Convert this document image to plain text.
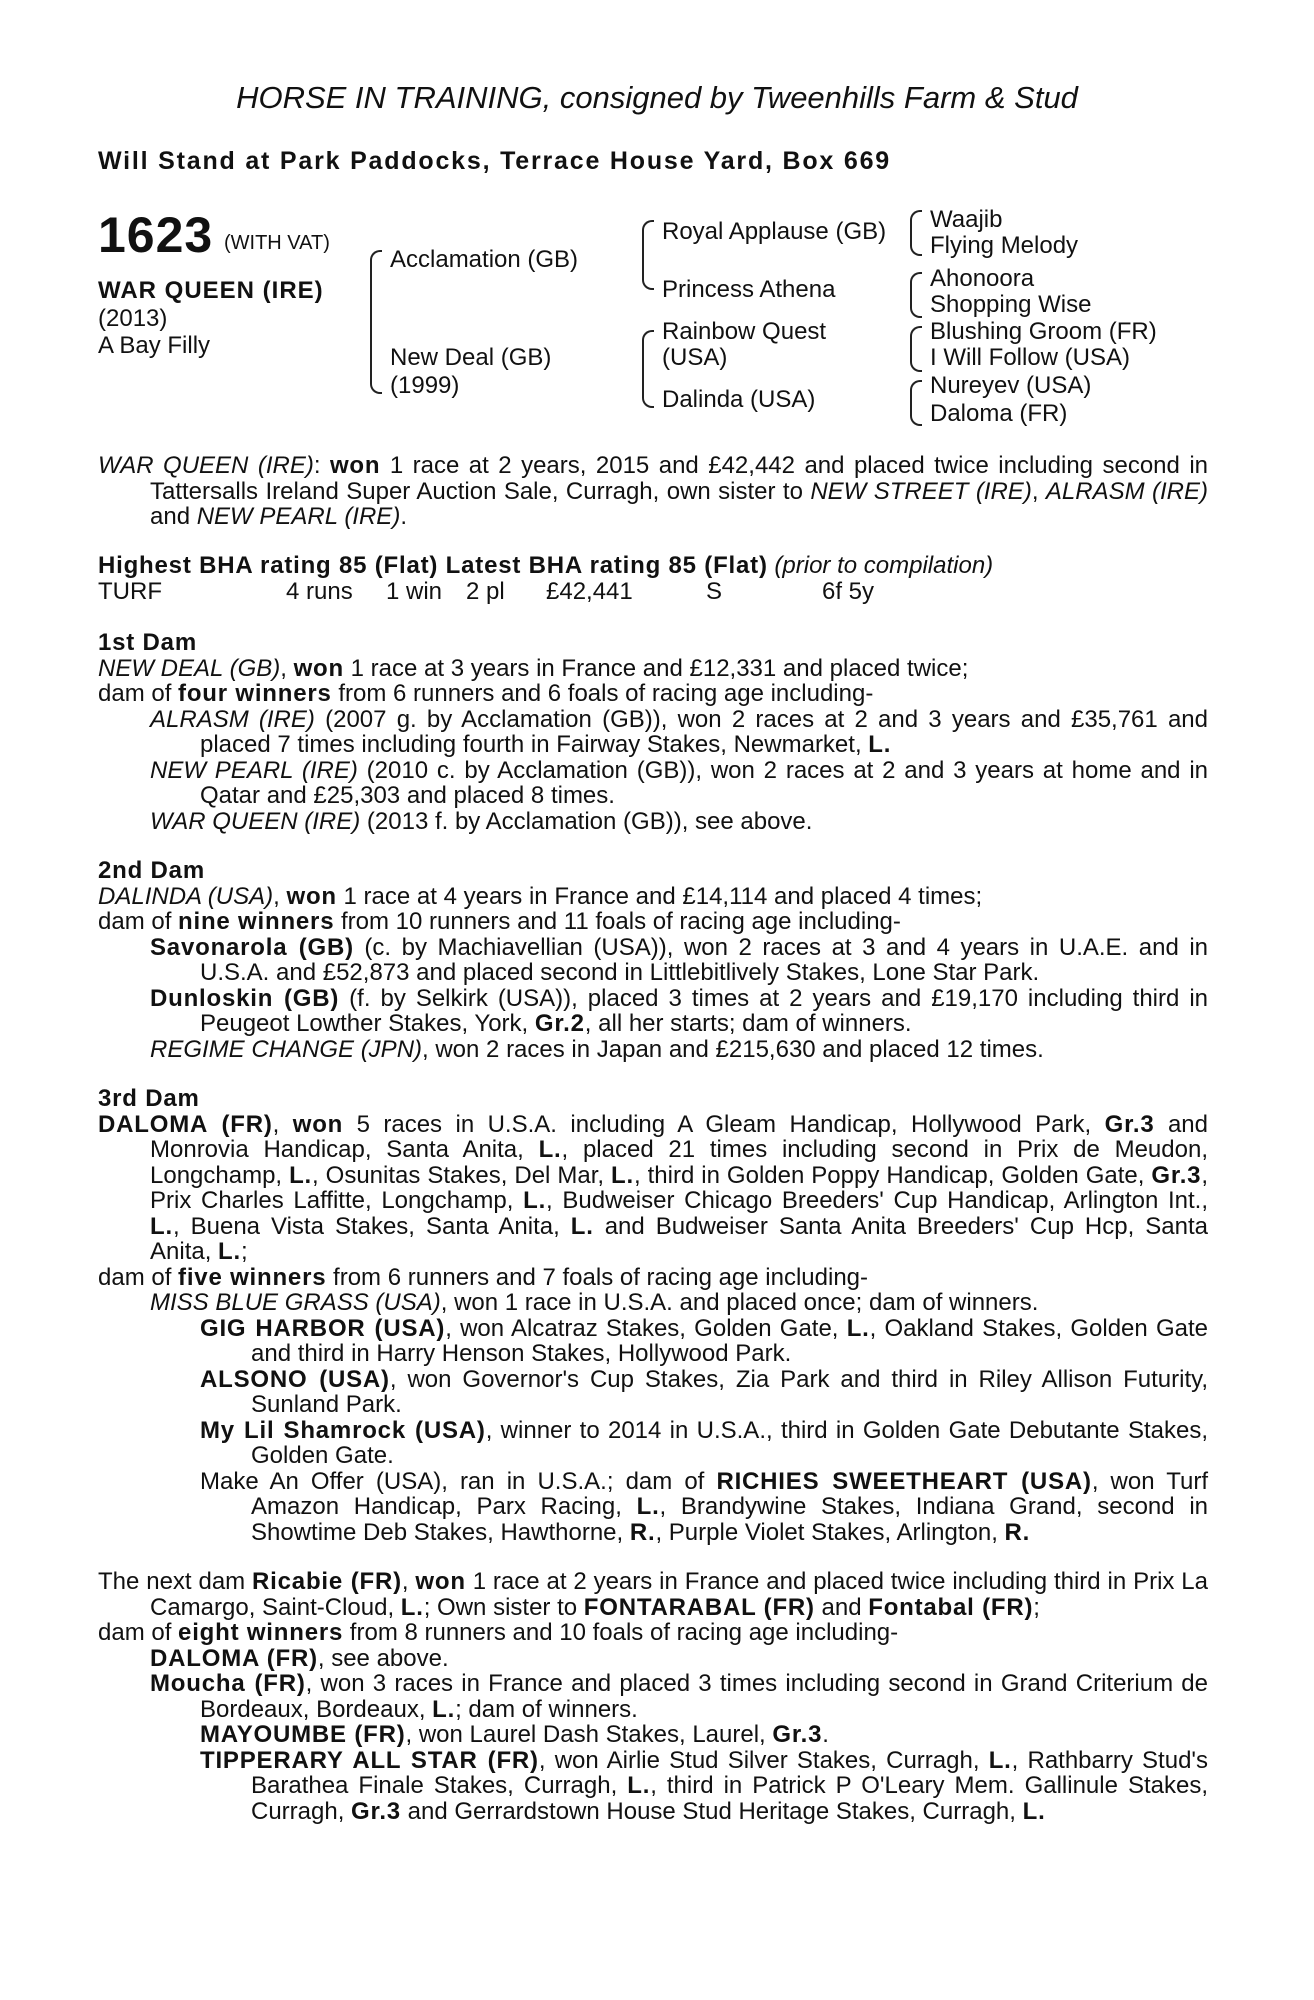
HORSE IN TRAINING, consigned by Tweenhills Farm & Stud
Will Stand at Park Paddocks, Terrace House Yard, Box 669
1623 (WITH VAT)
WAR QUEEN (IRE)
(2013)
A Bay Filly
Acclamation (GB)
New Deal (GB)
(1999)
Royal Applause (GB)
Princess Athena
Rainbow Quest
(USA)
Dalinda (USA)
Waajib
Flying Melody
Ahonoora
Shopping Wise
Blushing Groom (FR)
I Will Follow (USA)
Nureyev (USA)
Daloma (FR)

WAR QUEEN (IRE): won 1 race at 2 years, 2015 and £42,442 and placed twice including second in Tattersalls Ireland Super Auction Sale, Curragh, own sister to NEW STREET (IRE), ALRASM (IRE) and NEW PEARL (IRE).

Highest BHA rating 85 (Flat) Latest BHA rating 85 (Flat) (prior to compilation)

TURF	4 runs	1 win 2 pl	£42,441	S	6f 5y

1st Dam

NEW DEAL (GB), won 1 race at 3 years in France and £12,331 and placed twice;

dam of four winners from 6 runners and 6 foals of racing age including-

ALRASM (IRE) (2007 g. by Acclamation (GB)), won 2 races at 2 and 3 years and £35,761 and placed 7 times including fourth in Fairway Stakes, Newmarket, L.

NEW PEARL (IRE) (2010 c. by Acclamation (GB)), won 2 races at 2 and 3 years at home and in Qatar and £25,303 and placed 8 times.

WAR QUEEN (IRE) (2013 f. by Acclamation (GB)), see above.

2nd Dam

DALINDA (USA), won 1 race at 4 years in France and £14,114 and placed 4 times;

dam of nine winners from 10 runners and 11 foals of racing age including-

Savonarola (GB) (c. by Machiavellian (USA)), won 2 races at 3 and 4 years in U.A.E. and in U.S.A. and £52,873 and placed second in Littlebitlively Stakes, Lone Star Park.

Dunloskin (GB) (f. by Selkirk (USA)), placed 3 times at 2 years and £19,170 including third in Peugeot Lowther Stakes, York, Gr.2, all her starts; dam of winners.

REGIME CHANGE (JPN), won 2 races in Japan and £215,630 and placed 12 times.

3rd Dam

DALOMA (FR), won 5 races in U.S.A. including A Gleam Handicap, Hollywood Park, Gr.3 and Monrovia Handicap, Santa Anita, L., placed 21 times including second in Prix de Meudon, Longchamp, L., Osunitas Stakes, Del Mar, L., third in Golden Poppy Handicap, Golden Gate, Gr.3, Prix Charles Laffitte, Longchamp, L., Budweiser Chicago Breeders' Cup Handicap, Arlington Int., L., Buena Vista Stakes, Santa Anita, L. and Budweiser Santa Anita Breeders' Cup Hcp, Santa Anita, L.;

dam of five winners from 6 runners and 7 foals of racing age including-

MISS BLUE GRASS (USA), won 1 race in U.S.A. and placed once; dam of winners.

GIG HARBOR (USA), won Alcatraz Stakes, Golden Gate, L., Oakland Stakes, Golden Gate and third in Harry Henson Stakes, Hollywood Park.

ALSONO (USA), won Governor's Cup Stakes, Zia Park and third in Riley Allison Futurity, Sunland Park.

My Lil Shamrock (USA), winner to 2014 in U.S.A., third in Golden Gate Debutante Stakes, Golden Gate.

Make An Offer (USA), ran in U.S.A.; dam of RICHIES SWEETHEART (USA), won Turf Amazon Handicap, Parx Racing, L., Brandywine Stakes, Indiana Grand, second in Showtime Deb Stakes, Hawthorne, R., Purple Violet Stakes, Arlington, R.

The next dam Ricabie (FR), won 1 race at 2 years in France and placed twice including third in Prix La Camargo, Saint-Cloud, L.; Own sister to FONTARABAL (FR) and Fontabal (FR);

dam of eight winners from 8 runners and 10 foals of racing age including-

DALOMA (FR), see above.

Moucha (FR), won 3 races in France and placed 3 times including second in Grand Criterium de Bordeaux, Bordeaux, L.; dam of winners.

MAYOUMBE (FR), won Laurel Dash Stakes, Laurel, Gr.3.

TIPPERARY ALL STAR (FR), won Airlie Stud Silver Stakes, Curragh, L., Rathbarry Stud's Barathea Finale Stakes, Curragh, L., third in Patrick P O'Leary Mem. Gallinule Stakes, Curragh, Gr.3 and Gerrardstown House Stud Heritage Stakes, Curragh, L.
